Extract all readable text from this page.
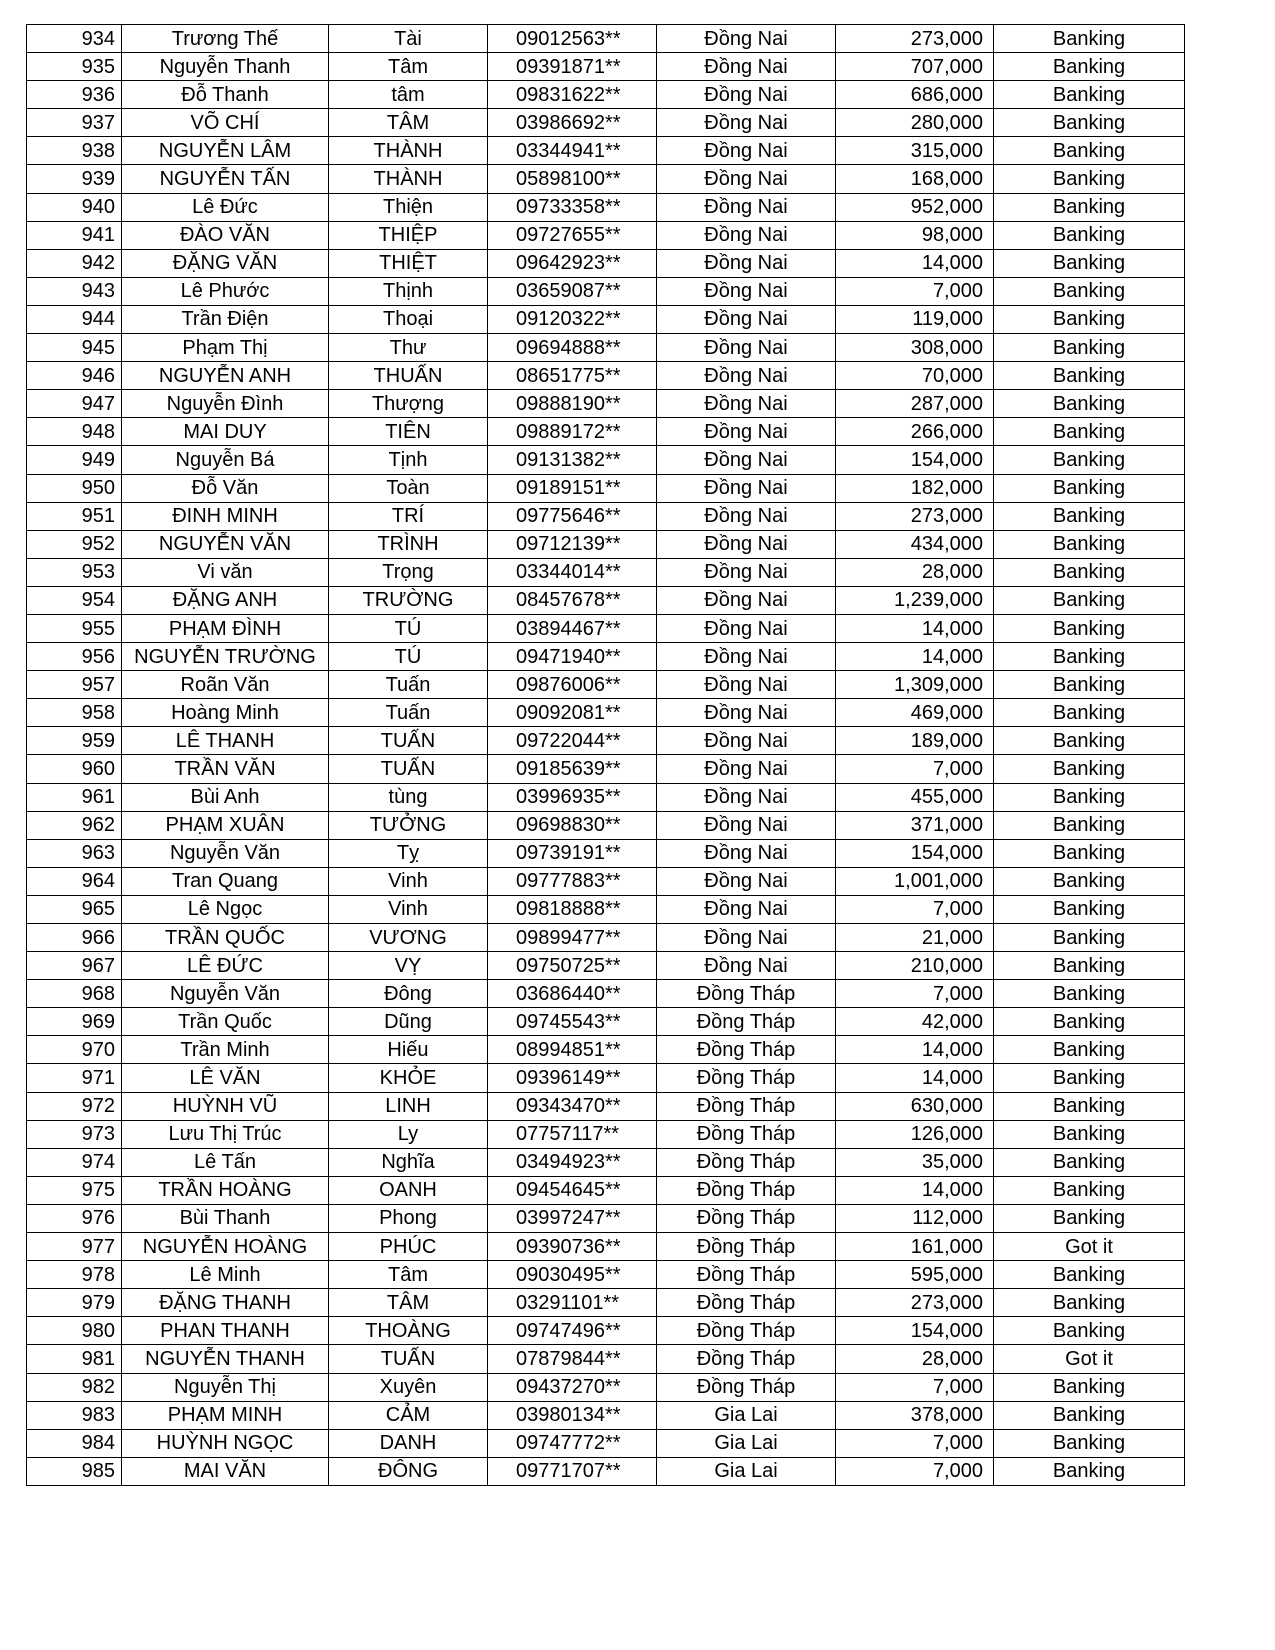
934	Trương Thế	Tài	09012563**	Đồng Nai	273,000	Banking
935	Nguyễn Thanh	Tâm	09391871**	Đồng Nai	707,000	Banking
936	Đỗ Thanh	tâm	09831622**	Đồng Nai	686,000	Banking
937	VÕ CHÍ	TÂM	03986692**	Đồng Nai	280,000	Banking
938	NGUYỄN LÂM	THÀNH	03344941**	Đồng Nai	315,000	Banking
939	NGUYỄN TẤN	THÀNH	05898100**	Đồng Nai	168,000	Banking
940	Lê Đức	Thiện	09733358**	Đồng Nai	952,000	Banking
941	ĐÀO VĂN	THIỆP	09727655**	Đồng Nai	98,000	Banking
942	ĐẶNG VĂN	THIỆT	09642923**	Đồng Nai	14,000	Banking
943	Lê Phước	Thịnh	03659087**	Đồng Nai	7,000	Banking
944	Trần Điện	Thoại	09120322**	Đồng Nai	119,000	Banking
945	Phạm Thị	Thư	09694888**	Đồng Nai	308,000	Banking
946	NGUYỄN ANH	THUẤN	08651775**	Đồng Nai	70,000	Banking
947	Nguyễn Đình	Thượng	09888190**	Đồng Nai	287,000	Banking
948	MAI DUY	TIÊN	09889172**	Đồng Nai	266,000	Banking
949	Nguyễn Bá	Tịnh	09131382**	Đồng Nai	154,000	Banking
950	Đỗ Văn	Toàn	09189151**	Đồng Nai	182,000	Banking
951	ĐINH MINH	TRÍ	09775646**	Đồng Nai	273,000	Banking
952	NGUYỄN VĂN	TRÌNH	09712139**	Đồng Nai	434,000	Banking
953	Vi văn	Trọng	03344014**	Đồng Nai	28,000	Banking
954	ĐẶNG ANH	TRƯỜNG	08457678**	Đồng Nai	1,239,000	Banking
955	PHẠM ĐÌNH	TÚ	03894467**	Đồng Nai	14,000	Banking
956	NGUYỄN TRƯỜNG	TÚ	09471940**	Đồng Nai	14,000	Banking
957	Roãn Văn	Tuấn	09876006**	Đồng Nai	1,309,000	Banking
958	Hoàng Minh	Tuấn	09092081**	Đồng Nai	469,000	Banking
959	LÊ THANH	TUẤN	09722044**	Đồng Nai	189,000	Banking
960	TRẦN VĂN	TUẤN	09185639**	Đồng Nai	7,000	Banking
961	Bùi Anh	tùng	03996935**	Đồng Nai	455,000	Banking
962	PHẠM XUÂN	TƯỞNG	09698830**	Đồng Nai	371,000	Banking
963	Nguyễn Văn	Tỵ	09739191**	Đồng Nai	154,000	Banking
964	Tran Quang	Vinh	09777883**	Đồng Nai	1,001,000	Banking
965	Lê Ngọc	Vinh	09818888**	Đồng Nai	7,000	Banking
966	TRẦN QUỐC	VƯƠNG	09899477**	Đồng Nai	21,000	Banking
967	LÊ ĐỨC	VỴ	09750725**	Đồng Nai	210,000	Banking
968	Nguyễn Văn	Đông	03686440**	Đồng Tháp	7,000	Banking
969	Trần Quốc	Dũng	09745543**	Đồng Tháp	42,000	Banking
970	Trần Minh	Hiếu	08994851**	Đồng Tháp	14,000	Banking
971	LÊ VĂN	KHỎE	09396149**	Đồng Tháp	14,000	Banking
972	HUỲNH VŨ	LINH	09343470**	Đồng Tháp	630,000	Banking
973	Lưu Thị Trúc	Ly	07757117**	Đồng Tháp	126,000	Banking
974	Lê Tấn	Nghĩa	03494923**	Đồng Tháp	35,000	Banking
975	TRẦN HOÀNG	OANH	09454645**	Đồng Tháp	14,000	Banking
976	Bùi Thanh	Phong	03997247**	Đồng Tháp	112,000	Banking
977	NGUYỄN HOÀNG	PHÚC	09390736**	Đồng Tháp	161,000	Got it
978	Lê Minh	Tâm	09030495**	Đồng Tháp	595,000	Banking
979	ĐẶNG THANH	TÂM	03291101**	Đồng Tháp	273,000	Banking
980	PHAN THANH	THOÀNG	09747496**	Đồng Tháp	154,000	Banking
981	NGUYỄN THANH	TUẤN	07879844**	Đồng Tháp	28,000	Got it
982	Nguyễn Thị	Xuyên	09437270**	Đồng Tháp	7,000	Banking
983	PHẠM MINH	CẢM	03980134**	Gia Lai	378,000	Banking
984	HUỲNH NGỌC	DANH	09747772**	Gia Lai	7,000	Banking
985	MAI VĂN	ĐÔNG	09771707**	Gia Lai	7,000	Banking
